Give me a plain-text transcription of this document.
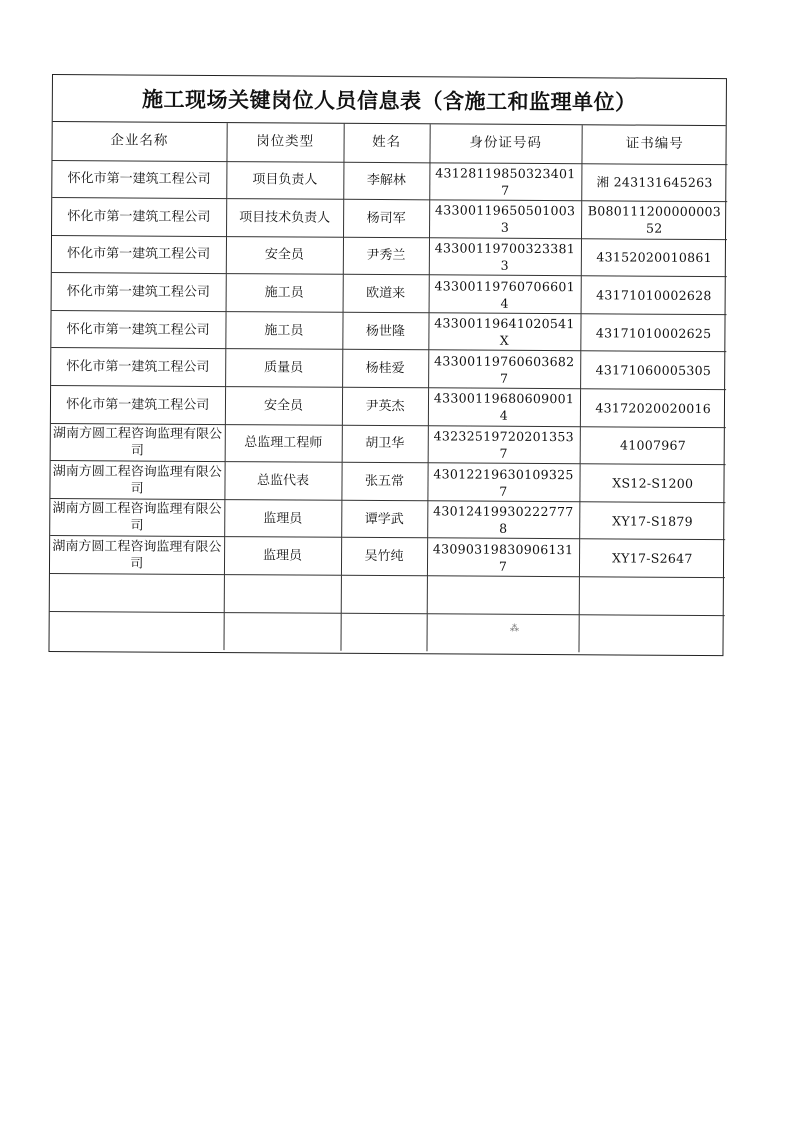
施工现场关键岗位人员信息表（含施工和监理单位）
企业名称	岗位类型	姓名	身份证号码	证书编号
怀化市第一建筑工程公司	项目负责人	李解林	431281198503234017	湘 243131645263
怀化市第一建筑工程公司	项目技术负责人	杨司军	433001196505010033	B08011120000000352
怀化市第一建筑工程公司	安全员	尹秀兰	433001197003233813	43152020010861
怀化市第一建筑工程公司	施工员	欧道来	433001197607066014	43171010002628
怀化市第一建筑工程公司	施工员	杨世隆	43300119641020541X	43171010002625
怀化市第一建筑工程公司	质量员	杨桂爱	433001197606036827	43171060005305
怀化市第一建筑工程公司	安全员	尹英杰	433001196806090014	43172020020016
湖南方圆工程咨询监理有限公司	总监理工程师	胡卫华	432325197202013537	41007967
湖南方圆工程咨询监理有限公司	总监代表	张五常	430122196301093257	XS12-S1200
湖南方圆工程咨询监理有限公司	监理员	谭学武	430124199302227778	XY17-S1879
湖南方圆工程咨询监理有限公司	监理员	吴竹纯	430903198309061317	XY17-S2647

⁂
